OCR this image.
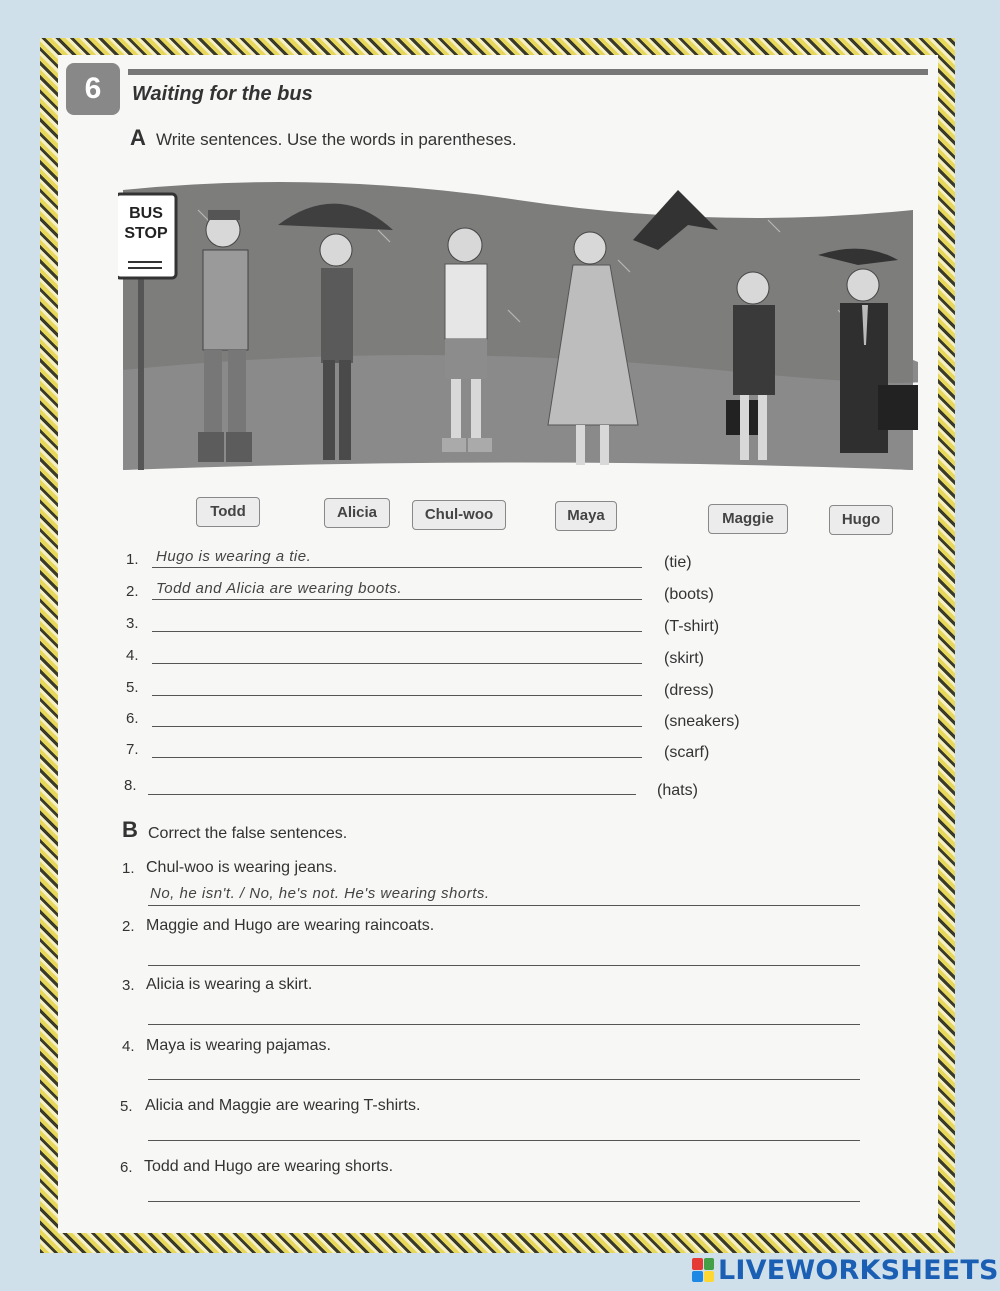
6	Waiting for the bus
A Write sentences. Use the words in parentheses.
BUS
STOP
Todd	Alicia	Chul-woo	Maya	Maggie	Hugo
1. Hugo is wearing a tie.	(tie)
2. Todd and Alicia are wearing boots.	(boots)
3.	(T-shirt)
4.	(skirt)
5.	(dress)
6.	(sneakers)
7.	(scarf)
8.	(hats)
B Correct the false sentences.
1. Chul-woo is wearing jeans.
No, he isn't. / No, he's not. He's wearing shorts.
2. Maggie and Hugo are wearing raincoats.
3. Alicia is wearing a skirt.
4. Maya is wearing pajamas.
5. Alicia and Maggie are wearing T-shirts.
6. Todd and Hugo are wearing shorts.
LIVEWORKSHEETS
